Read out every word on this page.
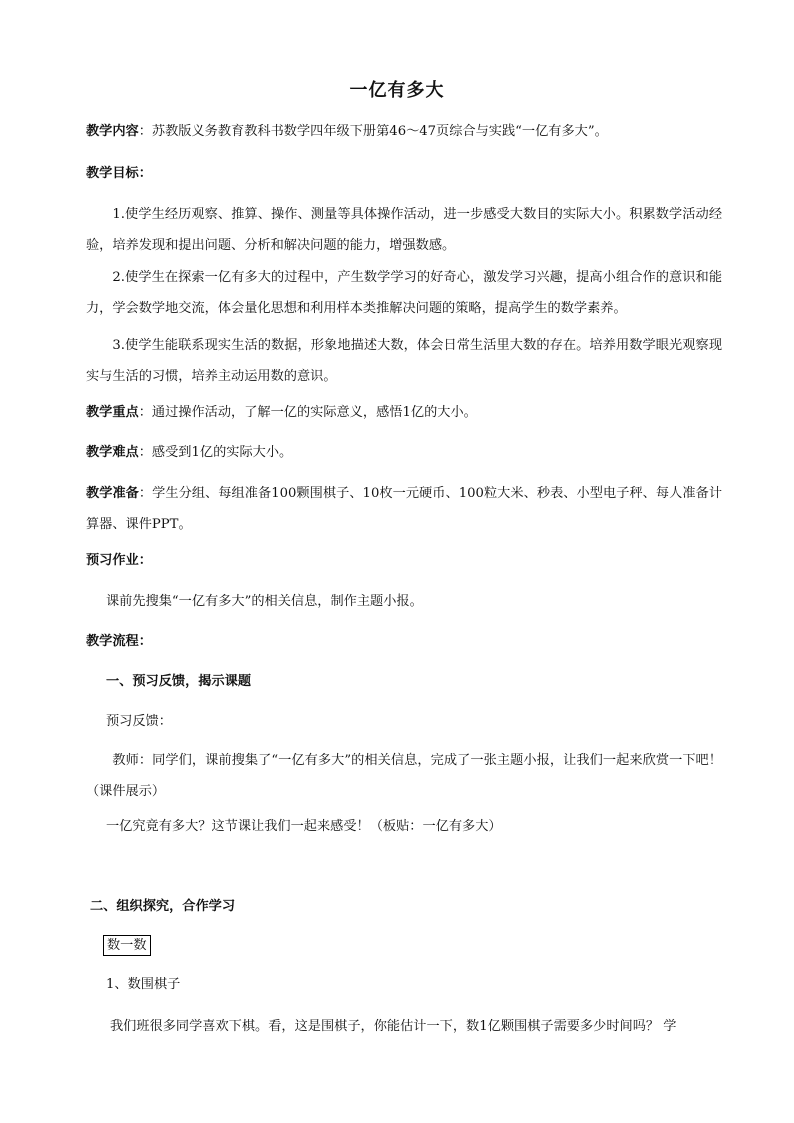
一亿有多大
教学内容：苏教版义务教育教科书数学四年级下册第46～47页综合与实践“一亿有多大”。
教学目标：
1.使学生经历观察、推算、操作、测量等具体操作活动，进一步感受大数目的实际大小。积累数学活动经验，培养发现和提出问题、分析和解决问题的能力，增强数感。
2.使学生在探索一亿有多大的过程中，产生数学学习的好奇心，激发学习兴趣，提高小组合作的意识和能力，学会数学地交流，体会量化思想和利用样本类推解决问题的策略，提高学生的数学素养。
3.使学生能联系现实生活的数据，形象地描述大数，体会日常生活里大数的存在。培养用数学眼光观察现实与生活的习惯，培养主动运用数的意识。
教学重点：通过操作活动，了解一亿的实际意义，感悟1亿的大小。
教学难点：感受到1亿的实际大小。
教学准备：学生分组、每组准备100颗围棋子、10枚一元硬币、100粒大米、秒表、小型电子秤、每人准备计算器、课件PPT。
预习作业：
课前先搜集“一亿有多大”的相关信息，制作主题小报。
教学流程：
一、预习反馈，揭示课题
预习反馈：
教师：同学们，课前搜集了“一亿有多大”的相关信息，完成了一张主题小报，让我们一起来欣赏一下吧！（课件展示）
一亿究竟有多大？这节课让我们一起来感受！（板贴：一亿有多大）
二、组织探究，合作学习
数一数
1、数围棋子
我们班很多同学喜欢下棋。看，这是围棋子，你能估计一下，数1亿颗围棋子需要多少时间吗？ 学
